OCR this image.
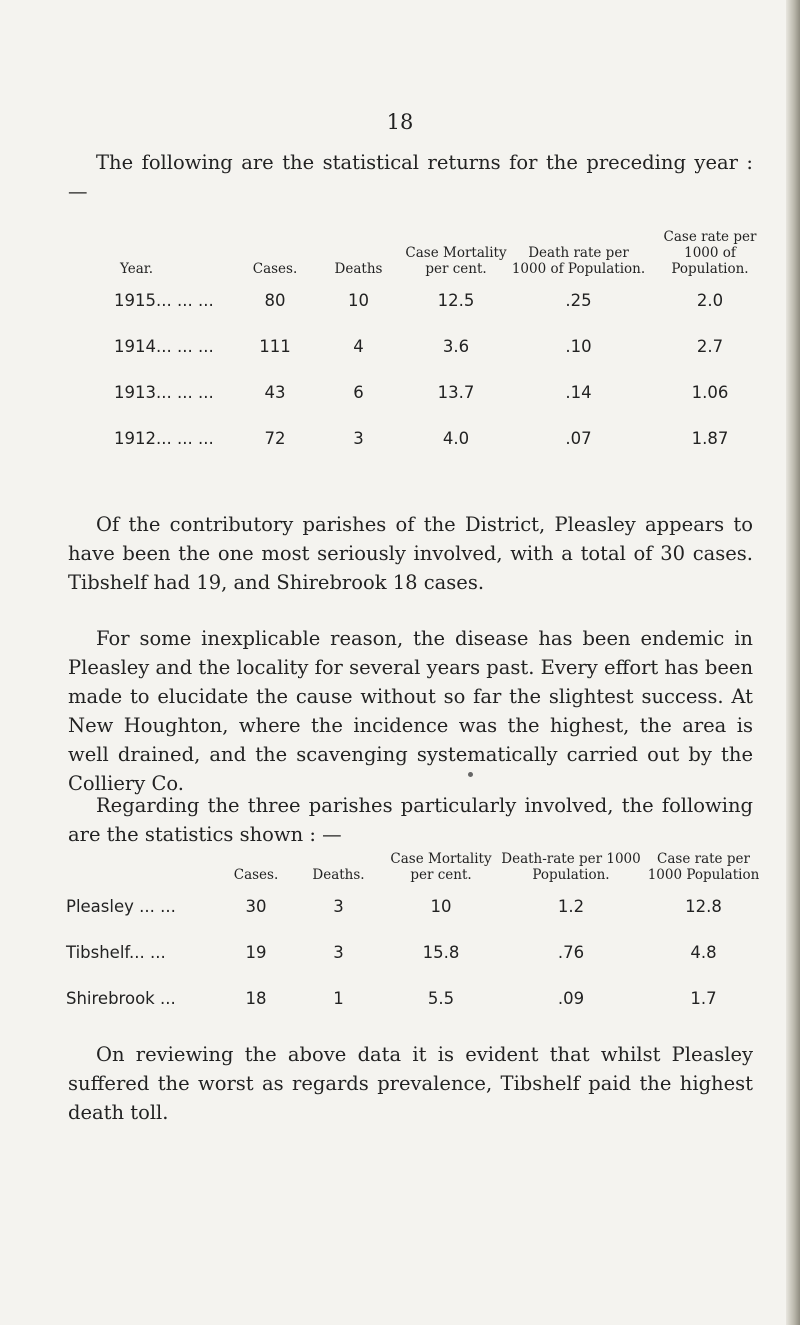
18
The following are the statistical returns for the preceding year : —
Year.	Cases.	Deaths	Case Mortality per cent.	Death rate per 1000 of Population.	Case rate per 1000 of Population.
1915... ... ...	80	10	12.5	.25	2.0
1914... ... ...	111	4	3.6	.10	2.7
1913... ... ...	43	6	13.7	.14	1.06
1912... ... ...	72	3	4.0	.07	1.87
Of the contributory parishes of the District, Pleasley appears to have been the one most seriously involved, with a total of 30 cases. Tibshelf had 19, and Shirebrook 18 cases.
For some inexplicable reason, the disease has been endemic in Pleasley and the locality for several years past. Every effort has been made to elucidate the cause without so far the slightest success. At New Houghton, where the incidence was the highest, the area is well drained, and the scavenging systematically carried out by the Colliery Co.
Regarding the three parishes particularly involved, the following are the statistics shown : —
	Cases.	Deaths.	Case Mortality per cent.	Death-rate per 1000 Population.	Case rate per 1000 Population
Pleasley ... ...	30	3	10	1.2	12.8
Tibshelf... ...	19	3	15.8	.76	4.8
Shirebrook ...	18	1	5.5	.09	1.7
On reviewing the above data it is evident that whilst Pleasley suffered the worst as regards prevalence, Tibshelf paid the highest death toll.
